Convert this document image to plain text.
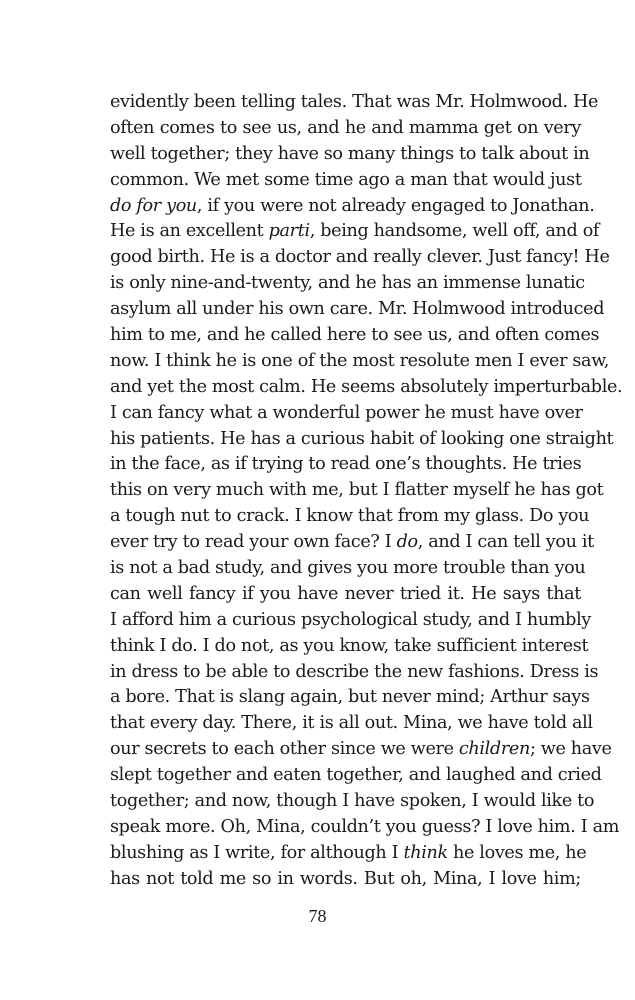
evidently been telling tales. That was Mr. Holmwood. He
often comes to see us, and he and mamma get on very
well together; they have so many things to talk about in
common. We met some time ago a man that would just
do for you, if you were not already engaged to Jonathan.
He is an excellent parti, being handsome, well off, and of
good birth. He is a doctor and really clever. Just fancy! He
is only nine-and-twenty, and he has an immense lunatic
asylum all under his own care. Mr. Holmwood introduced
him to me, and he called here to see us, and often comes
now. I think he is one of the most resolute men I ever saw,
and yet the most calm. He seems absolutely imperturbable.
I can fancy what a wonderful power he must have over
his patients. He has a curious habit of looking one straight
in the face, as if trying to read one’s thoughts. He tries
this on very much with me, but I flatter myself he has got
a tough nut to crack. I know that from my glass. Do you
ever try to read your own face? I do, and I can tell you it
is not a bad study, and gives you more trouble than you
can well fancy if you have never tried it. He says that
I afford him a curious psychological study, and I humbly
think I do. I do not, as you know, take sufficient interest
in dress to be able to describe the new fashions. Dress is
a bore. That is slang again, but never mind; Arthur says
that every day. There, it is all out. Mina, we have told all
our secrets to each other since we were children; we have
slept together and eaten together, and laughed and cried
together; and now, though I have spoken, I would like to
speak more. Oh, Mina, couldn’t you guess? I love him. I am
blushing as I write, for although I think he loves me, he
has not told me so in words. But oh, Mina, I love him;
78
